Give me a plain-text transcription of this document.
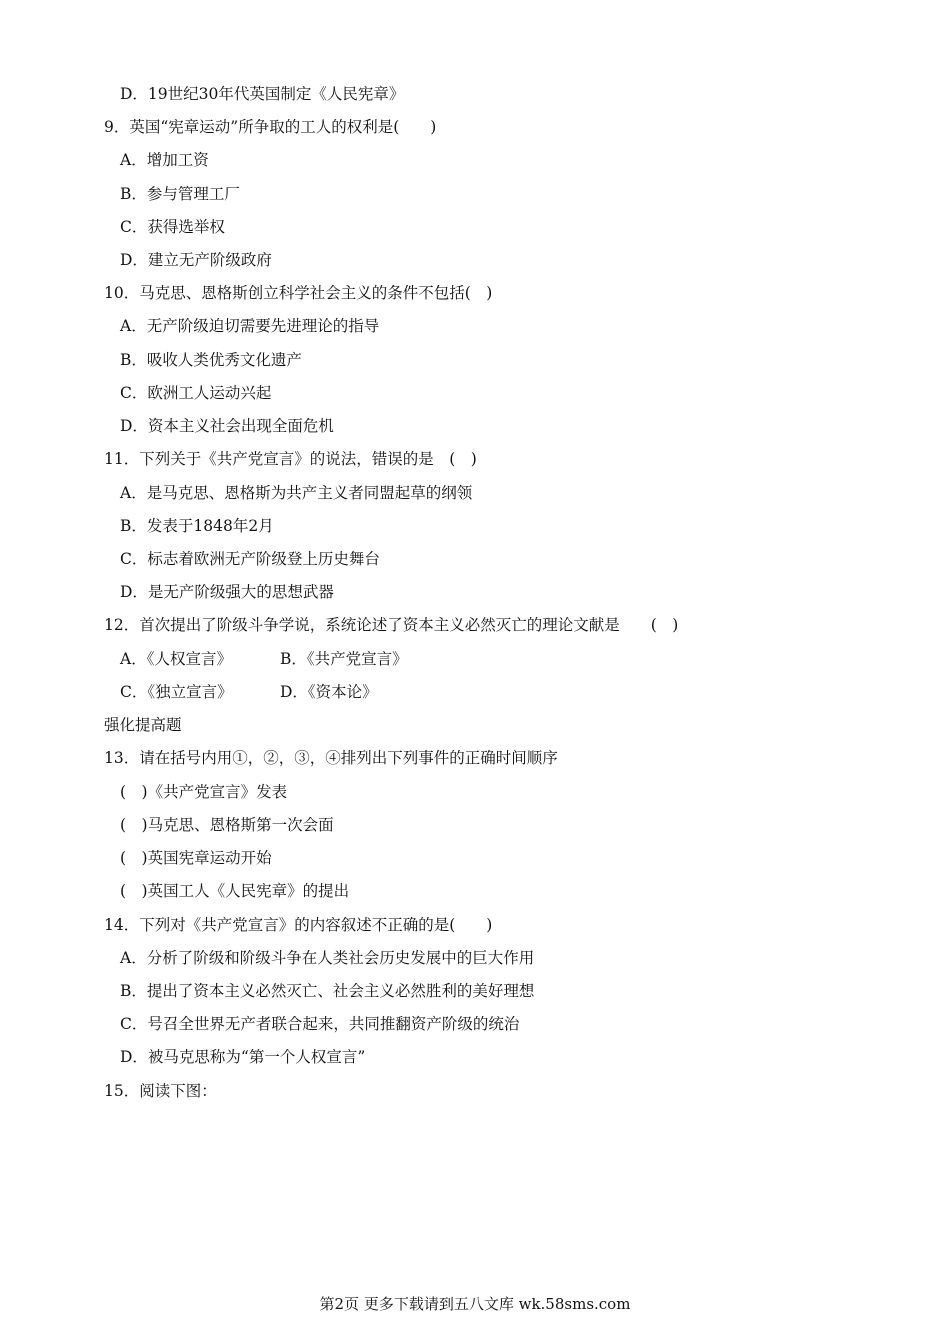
D．19世纪30年代英国制定《人民宪章》
9．英国“宪章运动”所争取的工人的权利是(　　)
A．增加工资
B．参与管理工厂
C．获得选举权
D．建立无产阶级政府
10．马克思、恩格斯创立科学社会主义的条件不包括(　)
A．无产阶级迫切需要先进理论的指导
B．吸收人类优秀文化遗产
C．欧洲工人运动兴起
D．资本主义社会出现全面危机
11．下列关于《共产党宣言》的说法，错误的是　(　)
A．是马克思、恩格斯为共产主义者同盟起草的纲领
B．发表于1848年2月
C．标志着欧洲无产阶级登上历史舞台
D．是无产阶级强大的思想武器
12．首次提出了阶级斗争学说，系统论述了资本主义必然灭亡的理论文献是　　(　)
A．《人权宣言》	B．《共产党宣言》
C．《独立宣言》	D．《资本论》
强化提高题
13．请在括号内用①，②，③，④排列出下列事件的正确时间顺序
(　)《共产党宣言》发表
(　)马克思、恩格斯第一次会面
(　)英国宪章运动开始
(　)英国工人《人民宪章》的提出
14．下列对《共产党宣言》的内容叙述不正确的是(　　)
A．分析了阶级和阶级斗争在人类社会历史发展中的巨大作用
B．提出了资本主义必然灭亡、社会主义必然胜利的美好理想
C．号召全世界无产者联合起来，共同推翻资产阶级的统治
D．被马克思称为“第一个人权宣言”
15．阅读下图：
第2页 更多下载请到五八文库 wk.58sms.com
